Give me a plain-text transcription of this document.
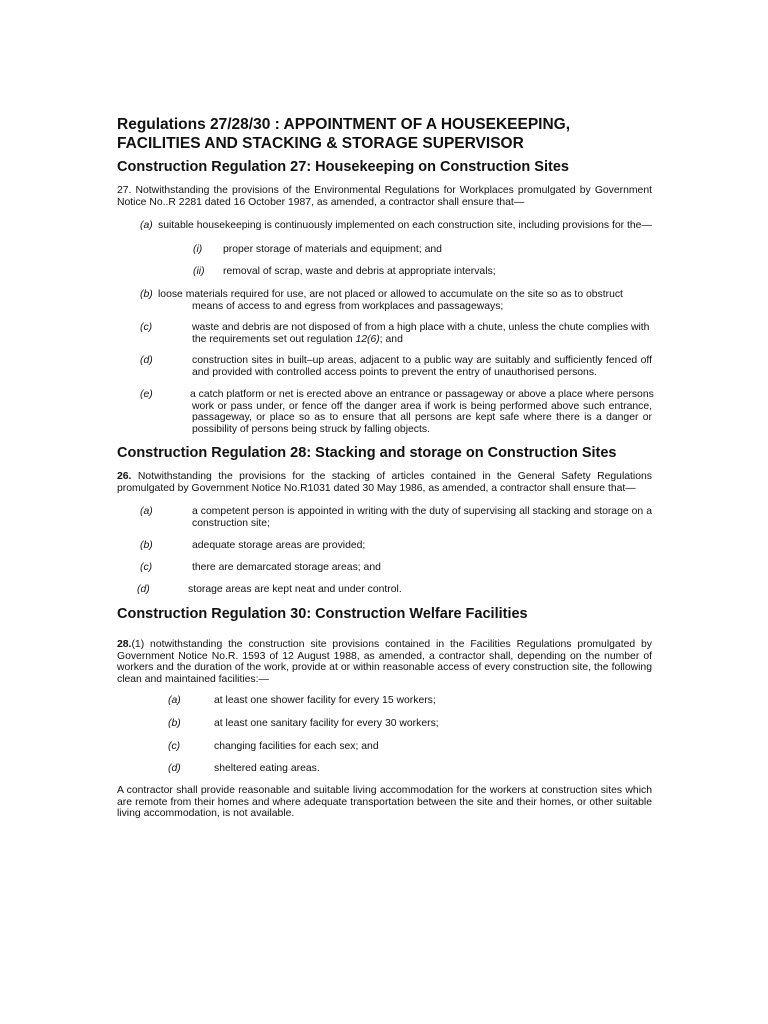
Regulations 27/28/30 : APPOINTMENT OF A HOUSEKEEPING,
FACILITIES AND STACKING & STORAGE SUPERVISOR
Construction Regulation 27: Housekeeping on Construction Sites

27. Notwithstanding the provisions of the Environmental Regulations for Workplaces promulgated by Government Notice No..R 2281 dated 16 October 1987, as amended, a contractor shall ensure that—

(a) suitable housekeeping is continuously implemented on each construction site, including provisions for the—
(i) proper storage of materials and equipment; and
(ii) removal of scrap, waste and debris at appropriate intervals;
(b) loose materials required for use, are not placed or allowed to accumulate on the site so as to obstruct
means of access to and egress from workplaces and passageways;
(c)	waste and debris are not disposed of from a high place with a chute, unless the chute complies with
the requirements set out regulation 12(6); and
(d)	construction sites in built–up areas, adjacent to a public way are suitably and sufficiently fenced off and provided with controlled access points to prevent the entry of unauthorised persons.
(e)	a catch platform or net is erected above an entrance or passageway or above a place where persons
work or pass under, or fence off the danger area if work is being performed above such entrance, passageway, or place so as to ensure that all persons are kept safe where there is a danger or possibility of persons being struck by falling objects.
Construction Regulation 28: Stacking and storage on Construction Sites

26. Notwithstanding the provisions for the stacking of articles contained in the General Safety Regulations promulgated by Government Notice No.R1031 dated 30 May 1986, as amended, a contractor shall ensure that—

(a)	a competent person is appointed in writing with the duty of supervising all stacking and storage on a construction site;
(b)	adequate storage areas are provided;
(c)	there are demarcated storage areas; and
(d)	storage areas are kept neat and under control.
Construction Regulation 30: Construction Welfare Facilities

28.(1) notwithstanding the construction site provisions contained in the Facilities Regulations promulgated by Government Notice No.R. 1593 of 12 August 1988, as amended, a contractor shall, depending on the number of workers and the duration of the work, provide at or within reasonable access of every construction site, the following clean and maintained facilities:—

(a)	at least one shower facility for every 15 workers;
(b)	at least one sanitary facility for every 30 workers;
(c)	changing facilities for each sex; and
(d)	sheltered eating areas.

A contractor shall provide reasonable and suitable living accommodation for the workers at construction sites which are remote from their homes and where adequate transportation between the site and their homes, or other suitable living accommodation, is not available.
